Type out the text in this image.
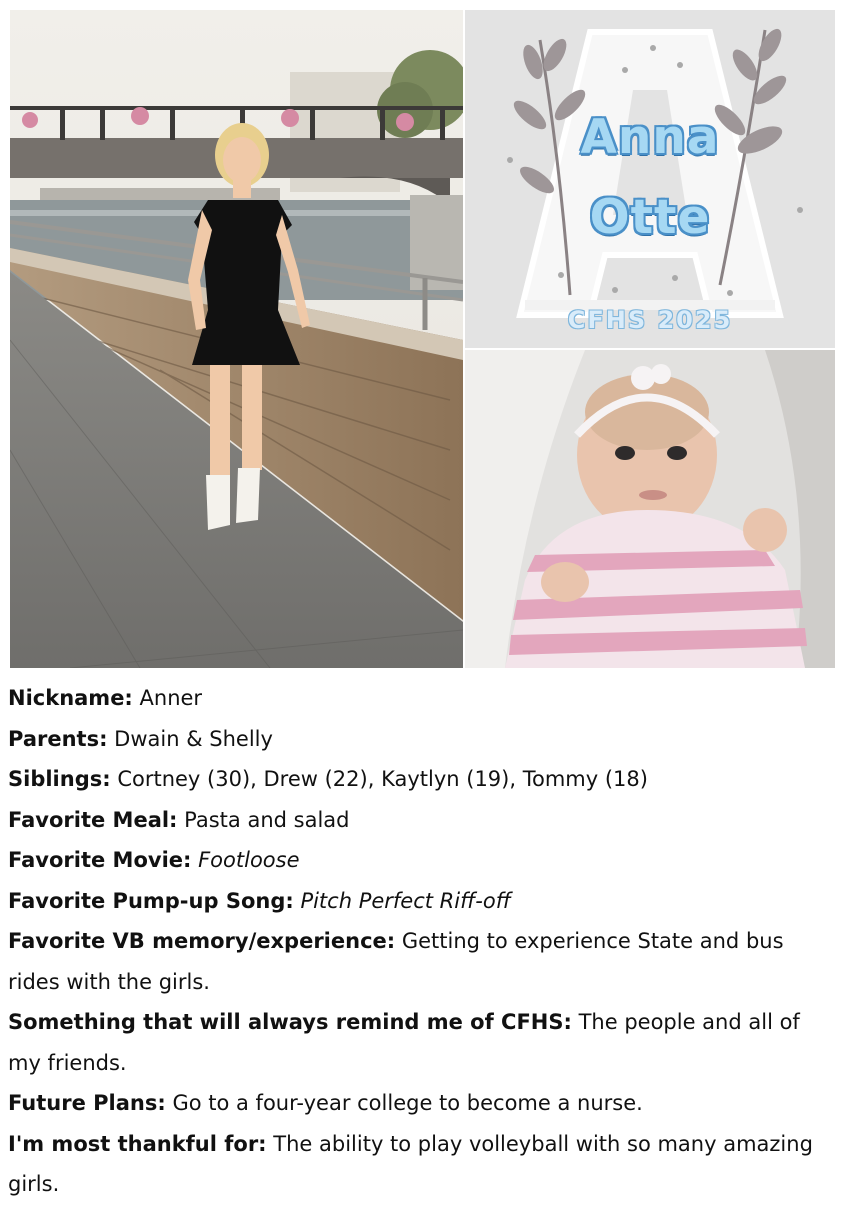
Anna
Otte
CFHS 2025

Nickname: Anner

Parents: Dwain & Shelly

Siblings: Cortney (30), Drew (22), Kaytlyn (19), Tommy (18)

Favorite Meal: Pasta and salad

Favorite Movie: Footloose

Favorite Pump-up Song: Pitch Perfect Riff-off

Favorite VB memory/experience: Getting to experience State and bus rides with the girls.

Something that will always remind me of CFHS: The people and all of my friends.

Future Plans: Go to a four-year college to become a nurse.

I'm most thankful for: The ability to play volleyball with so many amazing girls.
